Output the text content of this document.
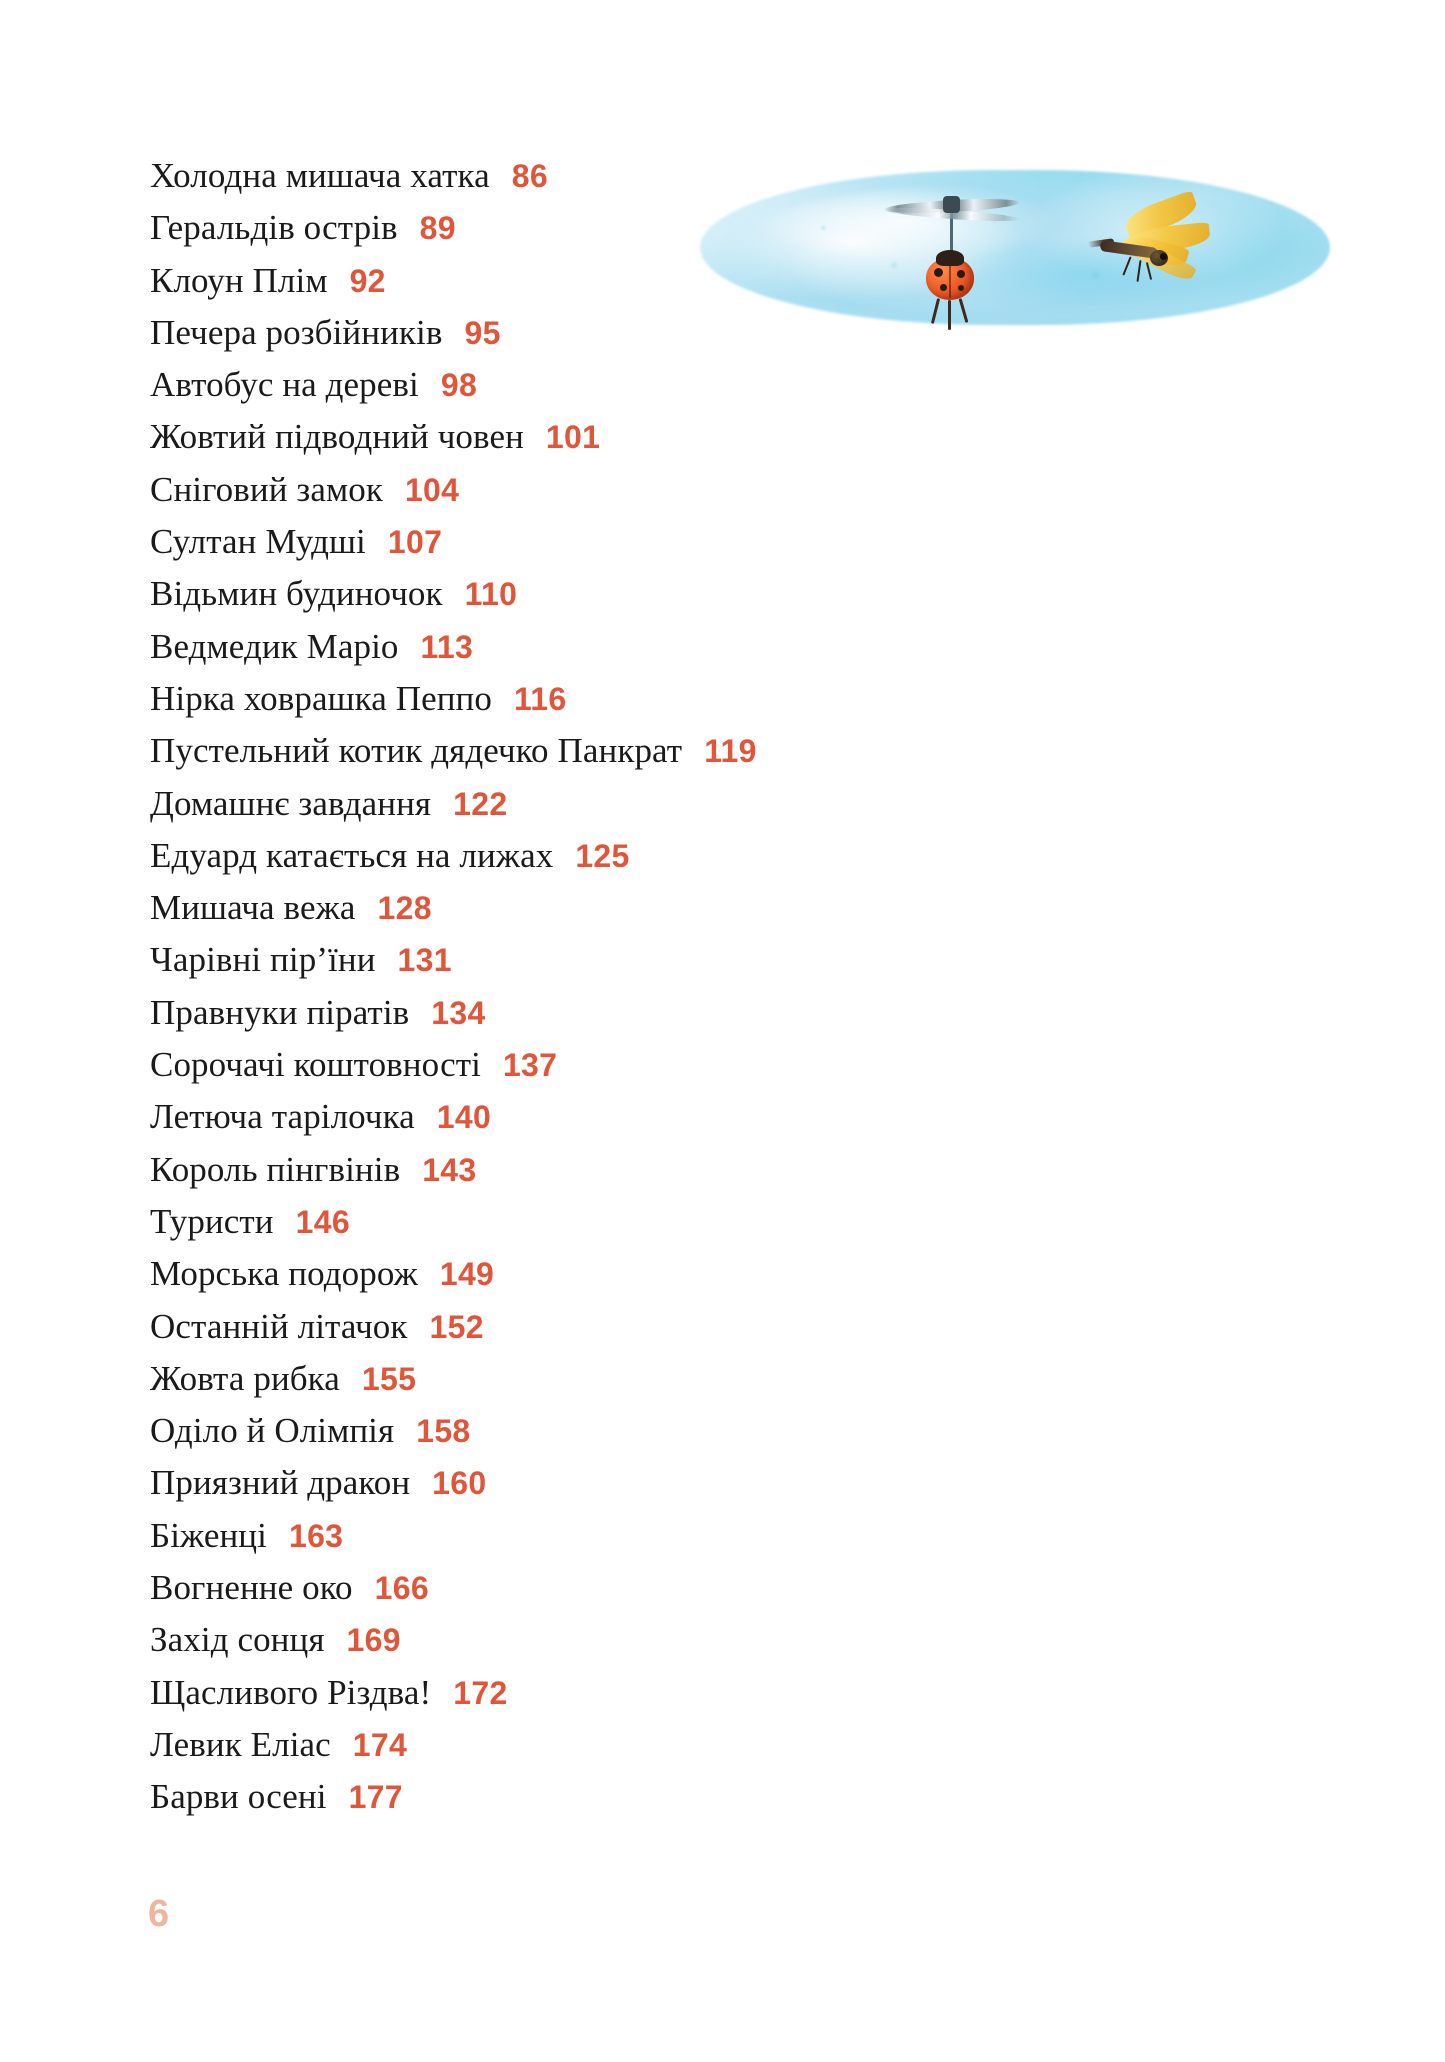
Холодна мишача хатка 86
Геральдів острів 89
Клоун Плім 92
Печера розбійників 95
Автобус на дереві 98
Жовтий підводний човен 101
Сніговий замок 104
Султан Мудші 107
Відьмин будиночок 110
Ведмедик Маріо 113
Нірка ховрашка Пеппо 116
Пустельний котик дядечко Панкрат 119
Домашнє завдання 122
Едуард катається на лижах 125
Мишача вежа 128
Чарівні пір’їни 131
Правнуки піратів 134
Сорочачі коштовності 137
Летюча тарілочка 140
Король пінгвінів 143
Туристи 146
Морська подорож 149
Останній літачок 152
Жовта рибка 155
Оділо й Олімпія 158
Приязний дракон 160
Біженці 163
Вогненне око 166
Захід сонця 169
Щасливого Різдва! 172
Левик Еліас 174
Барви осені 177
6
